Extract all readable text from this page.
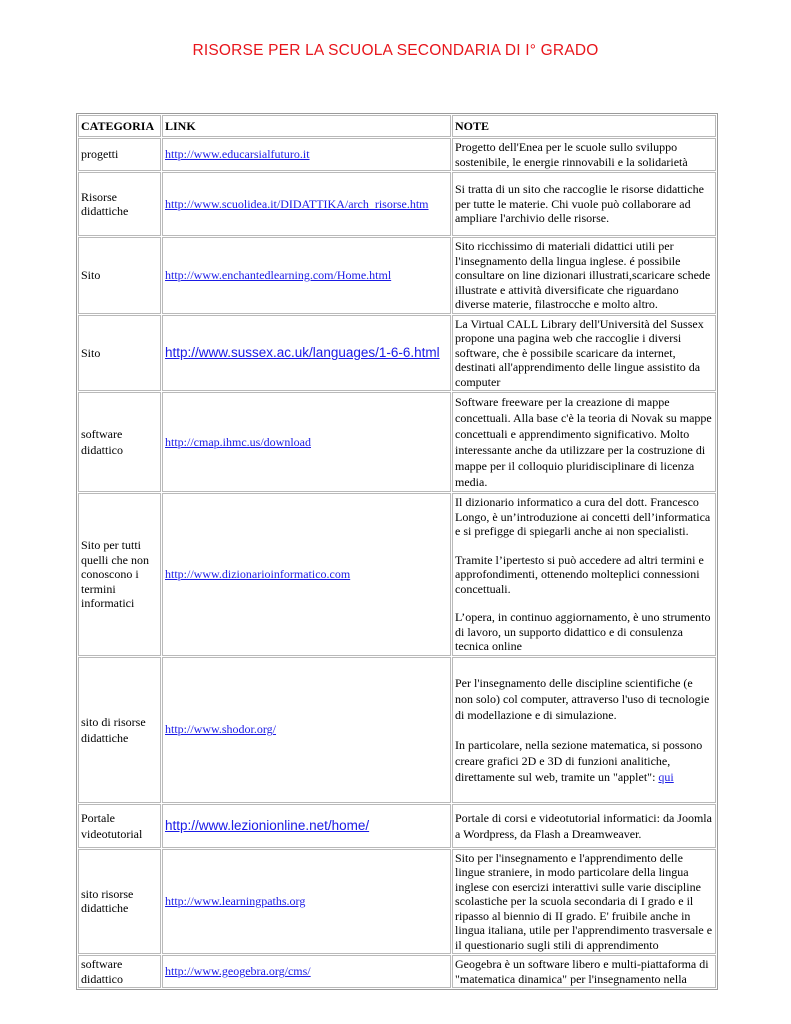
RISORSE PER LA SCUOLA SECONDARIA DI I° GRADO
CATEGORIA	LINK	NOTE
progetti	http://www.educarsialfuturo.it	Progetto dell'Enea per le scuole sullo sviluppo sostenibile, le energie rinnovabili e la solidarietà

Risorse didattiche	http://www.scuolidea.it/DIDATTIKA/arch_risorse.htm	Si tratta di un sito che raccoglie le risorse didattiche per tutte le materie. Chi vuole può collaborare ad ampliare l'archivio delle risorse.

Sito	http://www.enchantedlearning.com/Home.html	Sito ricchissimo di materiali didattici utili per l'insegnamento della lingua inglese. é possibile consultare on line dizionari illustrati,scaricare schede illustrate e attività diversificate che riguardano diverse materie, filastrocche e molto altro.

Sito	http://www.sussex.ac.uk/languages/1-6-6.html	La Virtual CALL Library dell'Università del Sussex propone una pagina web che raccoglie i diversi software, che è possibile scaricare da internet, destinati all'apprendimento delle lingue assistito da computer

software didattico	http://cmap.ihmc.us/download	Software freeware per la creazione di mappe concettuali. Alla base c'è la teoria di Novak su mappe concettuali e apprendimento significativo. Molto interessante anche da utilizzare per la costruzione di mappe per il colloquio pluridisciplinare di licenza media.

Sito per tutti quelli che non conoscono i termini informatici	http://www.dizionarioinformatico.com	Il dizionario informatico a cura del dott. Francesco Longo, è un’introduzione ai concetti dell’informatica e si prefigge di spiegarli anche ai non specialisti.

Tramite l’ipertesto si può accedere ad altri termini e approfondimenti, ottenendo molteplici connessioni concettuali.

L’opera, in continuo aggiornamento, è uno strumento di lavoro, un supporto didattico e di consulenza tecnica online

sito di risorse didattiche	http://www.shodor.org/	Per l'insegnamento delle discipline scientifiche (e non solo) col computer, attraverso l'uso di tecnologie di modellazione e di simulazione.

In particolare, nella sezione matematica, si possono creare grafici 2D e 3D di funzioni analitiche, direttamente sul web, tramite un "applet": qui

Portale videotutorial	http://www.lezionionline.net/home/	Portale di corsi e videotutorial informatici: da Joomla a Wordpress, da Flash a Dreamweaver.

sito risorse didattiche	http://www.learningpaths.org	Sito per l'insegnamento e l'apprendimento delle lingue straniere, in modo particolare della lingua inglese con esercizi interattivi sulle varie discipline scolastiche per la scuola secondaria di I grado e il ripasso al biennio di II grado. E' fruibile anche in lingua italiana, utile per l'apprendimento trasversale e il questionario sugli stili di apprendimento

software didattico	http://www.geogebra.org/cms/	Geogebra è un software libero e multi-piattaforma di "matematica dinamica" per l'insegnamento nella
